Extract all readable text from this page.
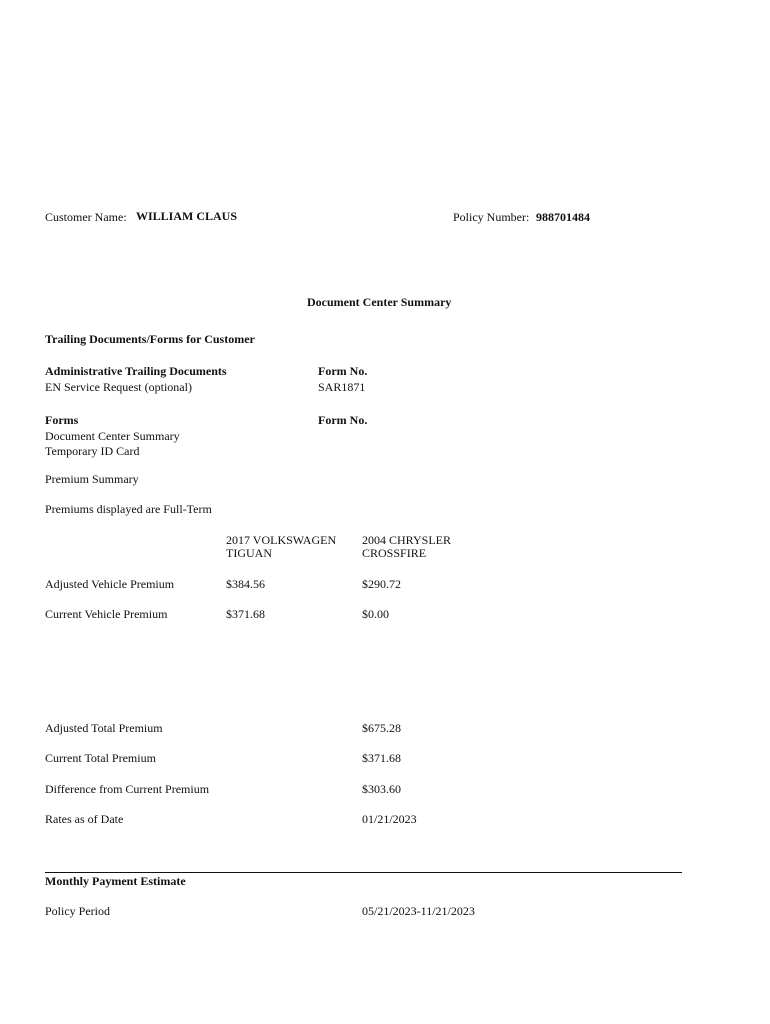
Customer Name: WILLIAM CLAUS	Policy Number: 988701484
Document Center Summary
Trailing Documents/Forms for Customer
Administrative Trailing Documents	Form No.
EN Service Request (optional)	SAR1871
Forms	Form No.
Document Center Summary
Temporary ID Card
Premium Summary
Premiums displayed are Full-Term
2017 VOLKSWAGEN
TIGUAN
2004 CHRYSLER
CROSSFIRE
Adjusted Vehicle Premium	$384.56	$290.72
Current Vehicle Premium	$371.68	$0.00
Adjusted Total Premium	$675.28
Current Total Premium	$371.68
Difference from Current Premium	$303.60
Rates as of Date	01/21/2023
Monthly Payment Estimate
Policy Period	05/21/2023-11/21/2023
